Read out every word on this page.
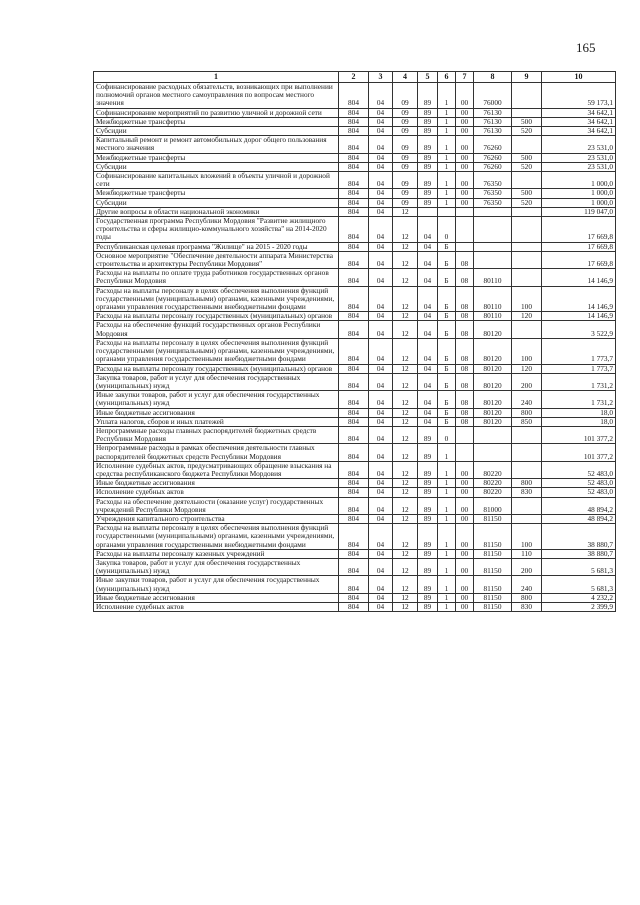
165
1	2	3	4	5	6	7	8	9	10
Софинансирование расходных обязательств, возникающих при выполнении полномочий органов местного самоуправления по вопросам местного значения	804	04	09	89	1	00	76000		59 173,1
Софинансирование мероприятий по развитию уличной и дорожной сети	804	04	09	89	1	00	76130		34 642,1
Межбюджетные трансферты	804	04	09	89	1	00	76130	500	34 642,1
Субсидии	804	04	09	89	1	00	76130	520	34 642,1
Капитальный ремонт и ремонт автомобильных дорог общего пользования местного значения	804	04	09	89	1	00	76260		23 531,0
Межбюджетные трансферты	804	04	09	89	1	00	76260	500	23 531,0
Субсидии	804	04	09	89	1	00	76260	520	23 531,0
Софинансирование капитальных вложений в объекты уличной и дорожной сети	804	04	09	89	1	00	76350		1 000,0
Межбюджетные трансферты	804	04	09	89	1	00	76350	500	1 000,0
Субсидии	804	04	09	89	1	00	76350	520	1 000,0
Другие вопросы в области национальной экономики	804	04	12						119 047,0
Государственная программа Республики Мордовия "Развитие жилищного строительства и сферы жилищно-коммунального хозяйства" на 2014-2020 годы	804	04	12	04	0				17 669,8
Республиканская целевая программа "Жилище" на 2015 - 2020 годы	804	04	12	04	Б				17 669,8
Основное мероприятие "Обеспечение деятельности аппарата Министерства строительства и архитектуры Республики Мордовия"	804	04	12	04	Б	08			17 669,8
Расходы на выплаты по оплате труда работников государственных органов Республики Мордовия	804	04	12	04	Б	08	80110		14 146,9
Расходы на выплаты персоналу в целях обеспечения выполнения функций государственными (муниципальными) органами, казенными учреждениями, органами управления государственными внебюджетными фондами	804	04	12	04	Б	08	80110	100	14 146,9
Расходы на выплаты персоналу государственных (муниципальных) органов	804	04	12	04	Б	08	80110	120	14 146,9
Расходы на обеспечение функций государственных органов Республики Мордовия	804	04	12	04	Б	08	80120		3 522,9
Расходы на выплаты персоналу в целях обеспечения выполнения функций государственными (муниципальными) органами, казенными учреждениями, органами управления государственными внебюджетными фондами	804	04	12	04	Б	08	80120	100	1 773,7
Расходы на выплаты персоналу государственных (муниципальных) органов	804	04	12	04	Б	08	80120	120	1 773,7
Закупка товаров, работ и услуг для обеспечения государственных (муниципальных) нужд	804	04	12	04	Б	08	80120	200	1 731,2
Иные закупки товаров, работ и услуг для обеспечения государственных (муниципальных) нужд	804	04	12	04	Б	08	80120	240	1 731,2
Иные бюджетные ассигнования	804	04	12	04	Б	08	80120	800	18,0
Уплата налогов, сборов и иных платежей	804	04	12	04	Б	08	80120	850	18,0
Непрограммные расходы главных распорядителей бюджетных средств Республики Мордовия	804	04	12	89	0				101 377,2
Непрограммные расходы в рамках обеспечения деятельности главных распорядителей бюджетных средств Республики Мордовия	804	04	12	89	1				101 377,2
Исполнение судебных актов, предусматривающих обращение взыскания на средства республиканского бюджета Республики Мордовия	804	04	12	89	1	00	80220		52 483,0
Иные бюджетные ассигнования	804	04	12	89	1	00	80220	800	52 483,0
Исполнение судебных актов	804	04	12	89	1	00	80220	830	52 483,0
Расходы на обеспечение деятельности (оказание услуг) государственных учреждений Республики Мордовия	804	04	12	89	1	00	81000		48 894,2
Учреждения капитального строительства	804	04	12	89	1	00	81150		48 894,2
Расходы на выплаты персоналу в целях обеспечения выполнения функций государственными (муниципальными) органами, казенными учреждениями, органами управления государственными внебюджетными фондами	804	04	12	89	1	00	81150	100	38 880,7
Расходы на выплаты персоналу казенных учреждений	804	04	12	89	1	00	81150	110	38 880,7
Закупка товаров, работ и услуг для обеспечения государственных (муниципальных) нужд	804	04	12	89	1	00	81150	200	5 681,3
Иные закупки товаров, работ и услуг для обеспечения государственных (муниципальных) нужд	804	04	12	89	1	00	81150	240	5 681,3
Иные бюджетные ассигнования	804	04	12	89	1	00	81150	800	4 232,2
Исполнение судебных актов	804	04	12	89	1	00	81150	830	2 399,9
